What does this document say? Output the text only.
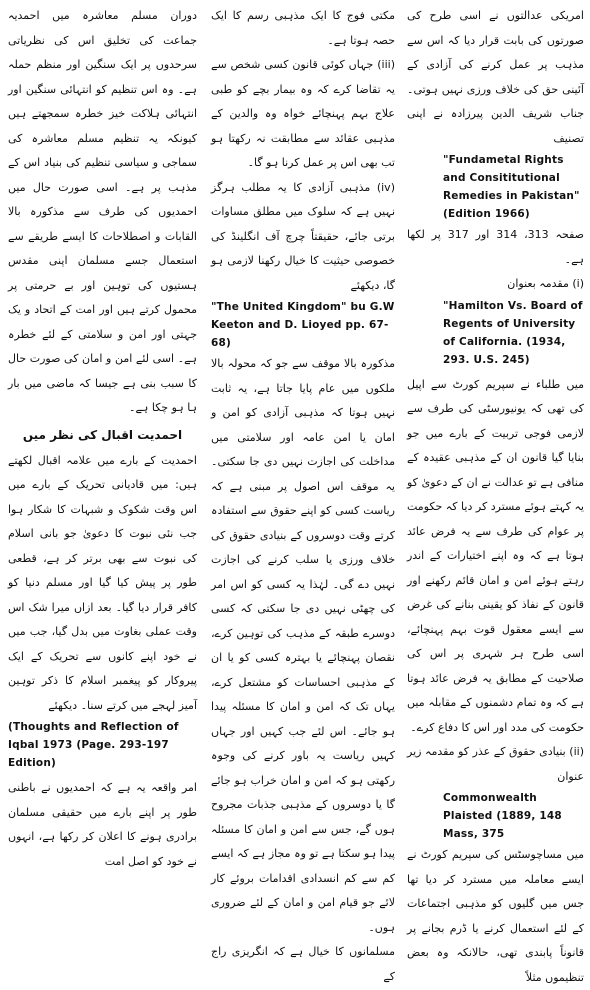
امریکی عدالتوں نے اسی طرح کی صورتوں کی بابت قرار دیا کہ اس سے مذہب پر عمل کرنے کی آزادی کے آئینی حق کی خلاف ورزی نہیں ہوتی۔ جناب شریف الدین پیرزادہ نے اپنی تصنیف

"Fundametal Rights and Consititutional Remedies in Pakistan" (Edition 1966)

صفحہ 313، 314 اور 317 پر لکھا ہے۔

(i) مقدمہ بعنوان

"Hamilton Vs. Board of Regents of University of California. (1934, 293. U.S. 245)

میں طلباء نے سپریم کورٹ سے اپیل کی تھی کہ یونیورسٹی کی طرف سے لازمی فوجی تربیت کے بارے میں جو بنایا گیا قانون ان کے مذہبی عقیدہ کے منافی ہے تو عدالت نے ان کے دعویٰ کو یہ کہتے ہوئے مسترد کر دیا کہ حکومت پر عوام کی طرف سے یہ فرض عائد ہوتا ہے کہ وہ اپنے اختیارات کے اندر رہتے ہوئے امن و امان قائم رکھنے اور قانون کے نفاذ کو یقینی بنانے کی غرض سے ایسے معقول قوت بہم پہنچائے، اسی طرح ہر شہری پر اس کی صلاحیت کے مطابق یہ فرض عائد ہوتا ہے کہ وہ تمام دشمنوں کے مقابلہ میں حکومت کی مدد اور اس کا دفاع کرے۔

(ii) بنیادی حقوق کے عذر کو مقدمہ زیر عنوان

Commonwealth Plaisted (1889, 148 Mass, 375

میں مساچوسٹس کی سپریم کورٹ نے ایسے معاملہ میں مسترد کر دیا تھا جس میں گلیوں کو مذہبی اجتماعات کے لئے استعمال کرنے یا ڈرم بجانے پر قانوناً پابندی تھی، حالانکہ وہ بعض تنظیموں مثلاً

مکتی فوج کا ایک مذہبی رسم کا ایک حصہ ہوتا ہے۔

(iii) جہاں کوئی قانون کسی شخص سے یہ تقاضا کرے کہ وہ بیمار بچے کو طبی علاج بہم پہنچائے خواہ وہ والدین کے مذہبی عقائد سے مطابقت نہ رکھتا ہو تب بھی اس پر عمل کرنا ہو گا۔

(iv) مذہبی آزادی کا یہ مطلب ہرگز نہیں ہے کہ سلوک میں مطلق مساوات برتی جائے، حقیقتاً چرچ آف انگلینڈ کی خصوصی حیثیت کا خیال رکھنا لازمی ہو گا، دیکھئے

"The United Kingdom" bu G.W Keeton and D. Lioyed pp. 67-68)

مذکورہ بالا موقف سے جو کہ محولہ بالا ملکوں میں عام پایا جاتا ہے، یہ ثابت نہیں ہوتا کہ مذہبی آزادی کو امن و امان یا امن عامہ اور سلامتی میں مداخلت کی اجازت نہیں دی جا سکتی۔ یہ موقف اس اصول پر مبنی ہے کہ ریاست کسی کو اپنے حقوق سے استفادہ کرتے وقت دوسروں کے بنیادی حقوق کی خلاف ورزی یا سلب کرنے کی اجازت نہیں دے گی۔ لہٰذا یہ کسی کو اس امر کی چھٹی نہیں دی جا سکتی کہ کسی دوسرے طبقہ کے مذہب کی توہین کرے، نقصان پہنچائے یا بہترہ کسی کو یا ان کے مذہبی احساسات کو مشتعل کرے، یہاں تک کہ امن و امان کا مسئلہ پیدا ہو جائے۔ اس لئے جب کہیں اور جہاں کہیں ریاست یہ باور کرنے کی وجوہ رکھتی ہو کہ امن و امان خراب ہو جائے گا یا دوسروں کے مذہبی جذبات مجروح ہوں گے، جس سے امن و امان کا مسئلہ پیدا ہو سکتا ہے تو وہ مجاز ہے کہ ایسے کم سے کم انسدادی اقدامات بروئے کار لائے جو قیام امن و امان کے لئے ضروری ہوں۔

مسلمانوں کا خیال ہے کہ انگریزی راج کے

دوران مسلم معاشرہ میں احمدیہ جماعت کی تخلیق اس کی نظریاتی سرحدوں پر ایک سنگین اور منظم حملہ ہے۔ وہ اس تنظیم کو انتہائی سنگین اور انتہائی ہلاکت خیز خطرہ سمجھتے ہیں کیونکہ یہ تنظیم مسلم معاشرہ کی سماجی و سیاسی تنظیم کی بنیاد اس کے مذہب پر ہے۔ اسی صورت حال میں احمدیوں کی طرف سے مذکورہ بالا القابات و اصطلاحات کا ایسے طریقے سے استعمال جسے مسلمان اپنی مقدس ہستیوں کی توہین اور بے حرمتی پر محمول کرتے ہیں اور امت کے اتحاد و یک جہتی اور امن و سلامتی کے لئے خطرہ ہے۔ اسی لئے امن و امان کی صورت حال کا سبب بنی ہے جیسا کہ ماضی میں بار ہا ہو چکا ہے۔

احمدیت اقبال کی نظر میں

احمدیت کے بارے میں علامہ اقبال لکھتے ہیں: میں قادیانی تحریک کے بارے میں اس وقت شکوک و شبہات کا شکار ہوا جب نئی نبوت کا دعویٰ جو بانی اسلام کی نبوت سے بھی برتر کر ہے، قطعی طور پر پیش کیا گیا اور مسلم دنیا کو کافر قرار دیا گیا۔ بعد ازاں میرا شک اس وقت عملی بغاوت میں بدل گیا، جب میں نے خود اپنے کانوں سے تحریک کے ایک پیروکار کو پیغمبر اسلام کا ذکر توہین آمیز لہجے میں کرتے سنا۔ دیکھئے

(Thoughts and Reflection of Iqbal 1973 (Page. 293-197 Edition)

امر واقعہ یہ ہے کہ احمدیوں نے باطنی طور پر اپنے بارے میں حقیقی مسلمان برادری ہونے کا اعلان کر رکھا ہے، انہوں نے خود کو اصل امت
